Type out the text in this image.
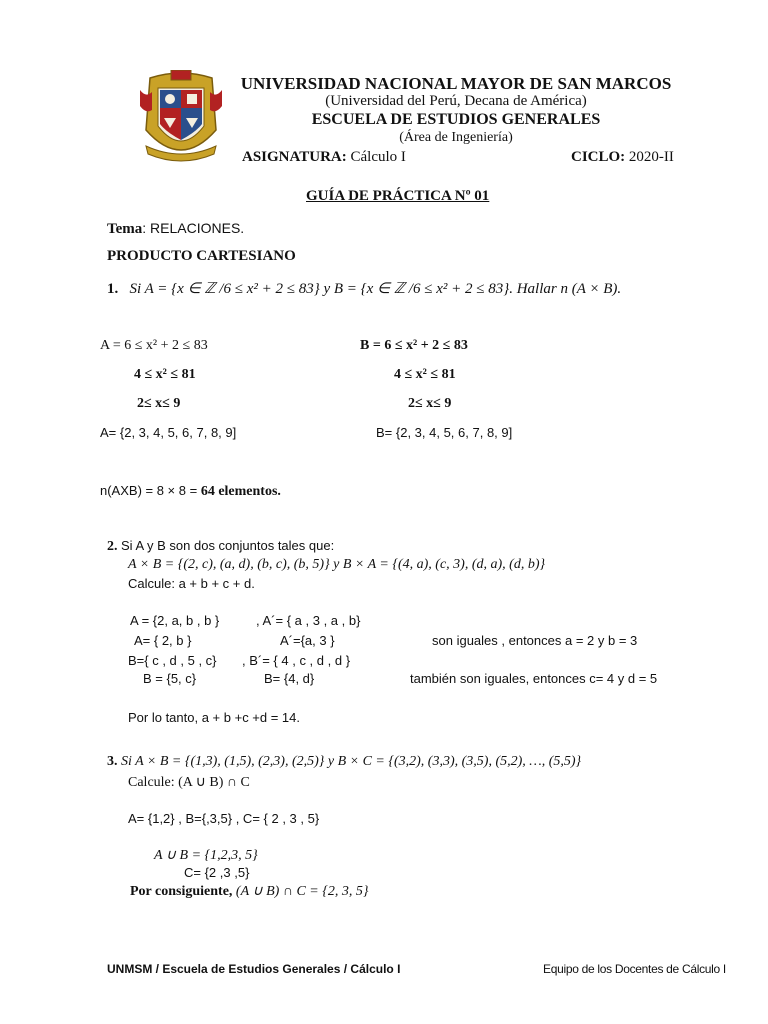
UNIVERSIDAD NACIONAL MAYOR DE SAN MARCOS
(Universidad del Perú, Decana de América)
ESCUELA DE ESTUDIOS GENERALES
(Área de Ingeniería)
ASIGNATURA: Cálculo I	CICLO: 2020-II
GUÍA DE PRÁCTICA Nº 01
Tema: RELACIONES.
PRODUCTO CARTESIANO
1. Si A = {x ∈ ℤ /6 ≤ x² + 2 ≤ 83} y B = {x ∈ ℤ /6 ≤ x² + 2 ≤ 83}. Hallar n (A × B).
A = 6 ≤ x² + 2 ≤ 83
4 ≤ x² ≤ 81
2≤ x≤ 9
A= {2, 3, 4, 5, 6, 7, 8, 9]
B = 6 ≤ x² + 2 ≤ 83
4 ≤ x² ≤ 81
2≤ x≤ 9
B= {2, 3, 4, 5, 6, 7, 8, 9]
n(AXB) = 8 × 8 = 64 elementos.
2. Si A y B son dos conjuntos tales que:
A × B = {(2, c), (a, d), (b, c), (b, 5)} y B × A = {(4, a), (c, 3), (d, a), (d, b)}
Calcule: a + b + c + d.
A = {2, a, b , b }	, A´= { a , 3 , a , b}
A= { 2, b }	A´={a, 3 }	son iguales , entonces a = 2 y b = 3
B={ c , d , 5 , c} , B´= { 4 , c , d , d }
B = {5, c}	B= {4, d}	también son iguales, entonces c= 4 y d = 5
Por lo tanto, a + b +c +d = 14.
3. Si A × B = {(1,3), (1,5), (2,3), (2,5)} y B × C = {(3,2), (3,3), (3,5), (5,2), …, (5,5)}
Calcule: (A ∪ B) ∩ C
A= {1,2} , B={,3,5} , C= { 2 , 3 , 5}
A ∪ B = {1,2,3, 5}
C= {2 ,3 ,5}
Por consiguiente, (A ∪ B) ∩ C = {2, 3, 5}
UNMSM / Escuela de Estudios Generales / Cálculo I	Equipo de los Docentes de Cálculo I
